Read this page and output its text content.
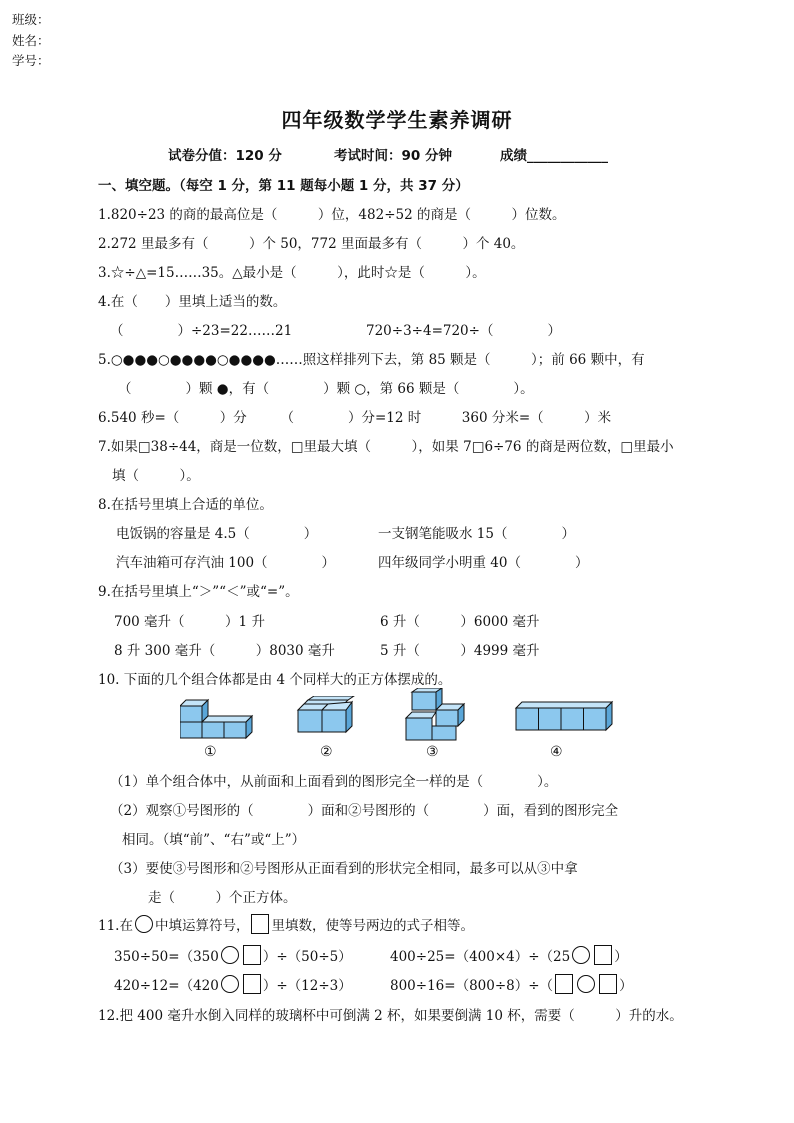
班级：
姓名：
学号：
四年级数学学生素养调研
试卷分值：120 分	考试时间：90 分钟	成绩____________
一、填空题。（每空 1 分，第 11 题每小题 1 分，共 37 分）
1.820÷23 的商的最高位是（　　　）位，482÷52 的商是（　　　）位数。
2.272 里最多有（　　　）个 50，772 里面最多有（　　　）个 40。
3.☆÷△=15……35。△最小是（　　　），此时☆是（　　　）。
4.在（　　）里填上适当的数。
（　　　　）÷23=22……21	720÷3÷4=720÷（　　　　）
5.○●●●○●●●●○●●●●……照这样排列下去，第 85 颗是（　　　）；前 66 颗中，有
（　　　　）颗 ●，有（　　　　）颗 ○，第 66 颗是（　　　　）。
6.540 秒=（　　　）分　　　（　　　　）分=12 时　　　360 分米=（　　　）米
7.如果□38÷44，商是一位数，□里最大填（　　　），如果 7□6÷76 的商是两位数，□里最小
填（　　　）。
8.在括号里填上合适的单位。
电饭锅的容量是 4.5（　　　　）	一支钢笔能吸水 15（　　　　）
汽车油箱可存汽油 100（　　　　）	四年级同学小明重 40（　　　　）
9.在括号里填上“＞”“＜”或“=”。
700 毫升（　　　）1 升	6 升（　　　）6000 毫升
8 升 300 毫升（　　　）8030 毫升	5 升（　　　）4999 毫升
10. 下面的几个组合体都是由 4 个同样大的正方体摆成的。
①	②	③	④
（1）单个组合体中，从前面和上面看到的图形完全一样的是（　　　　）。
（2）观察①号图形的（　　　　）面和②号图形的（　　　　）面，看到的图形完全
相同。（填“前”、“右”或“上”）
（3）要使③号图形和②号图形从正面看到的形状完全相同，最多可以从③中拿
走（　　　）个正方体。
11.在 中填运算符号， 里填数，使等号两边的式子相等。
350÷50=（350	）÷（50÷5）	400÷25=（400×4）÷（25	）
420÷12=（420	）÷（12÷3）	800÷16=（800÷8）÷（	）
12.把 400 毫升水倒入同样的玻璃杯中可倒满 2 杯，如果要倒满 10 杯，需要（　　　）升的水。
